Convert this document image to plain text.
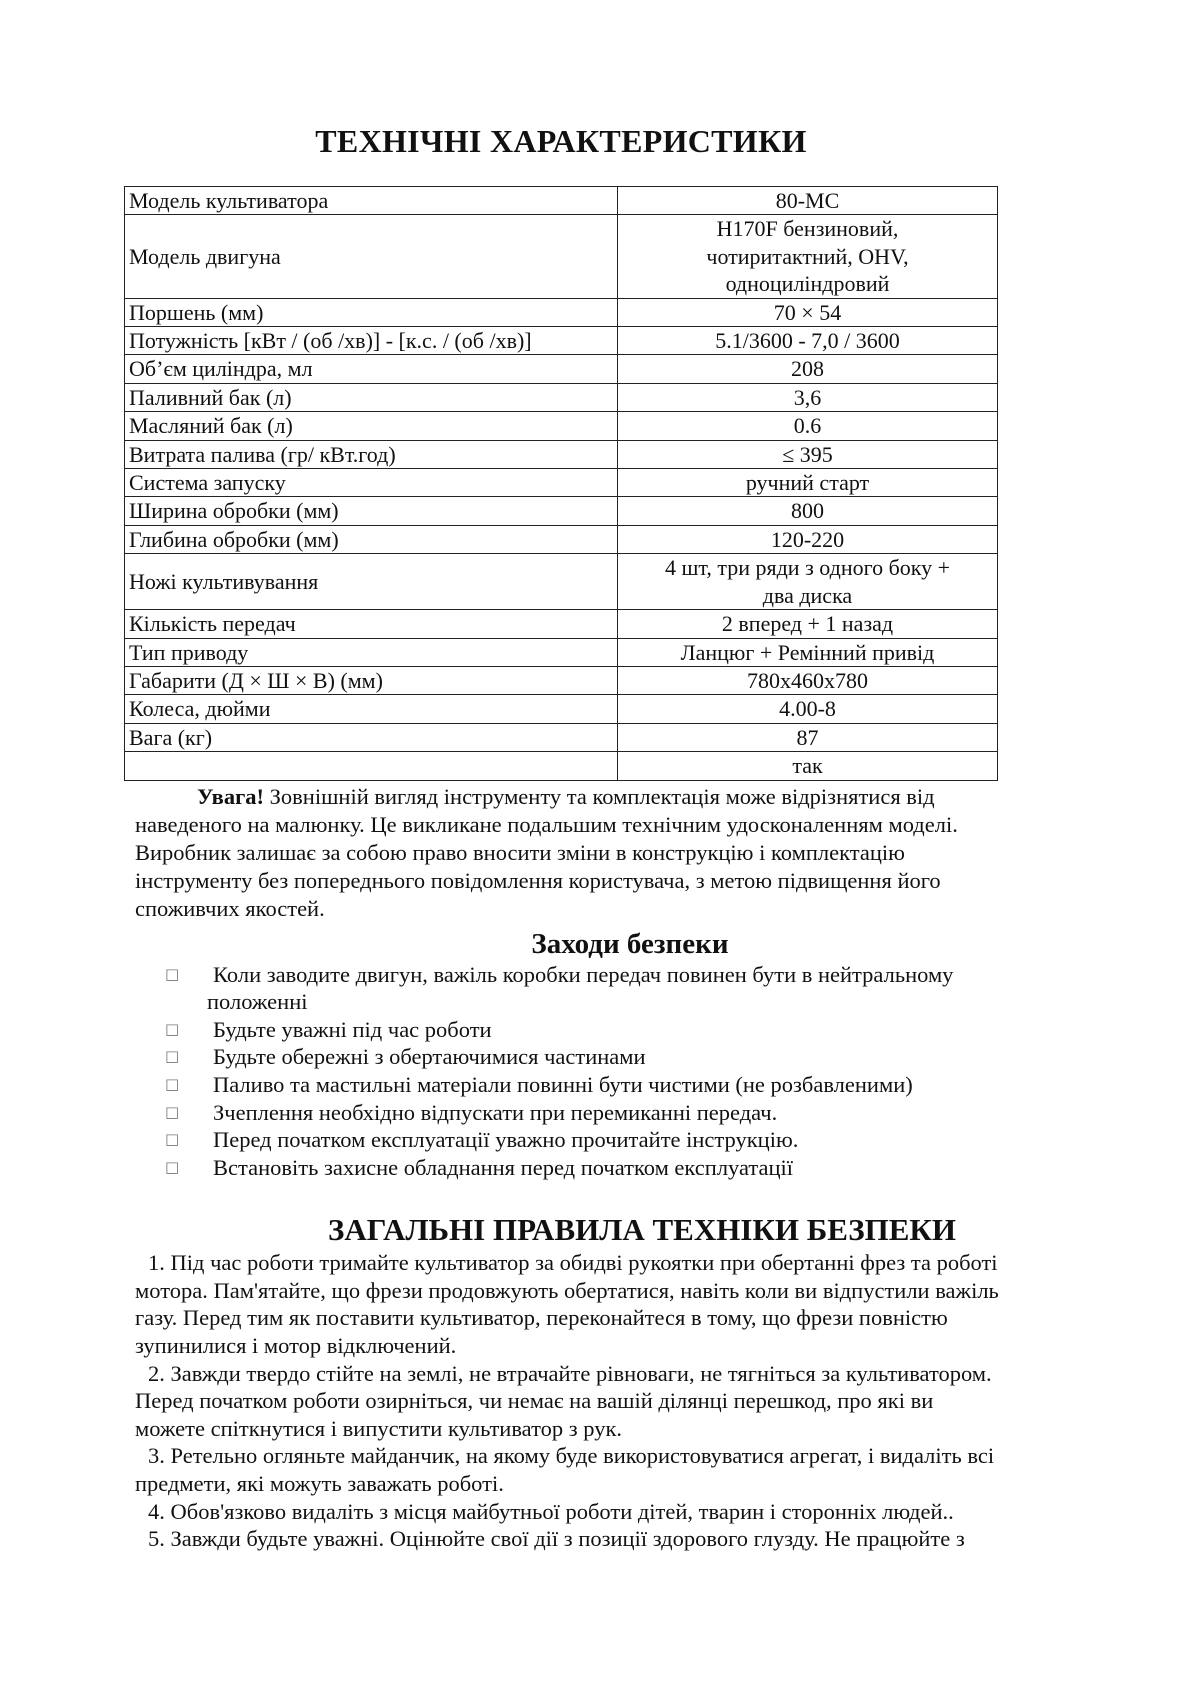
ТЕХНІЧНІ ХАРАКТЕРИСТИКИ
Модель культиватора	80-МС

Модель двигуна	H170F бензиновий,
чотиритактний, OHV,
одноциліндровий

Поршень (мм)	70 × 54

Потужність [кВт / (об /хв)] - [к.с. / (об /хв)]	5.1/3600 - 7,0 / 3600

Об’єм циліндра, мл	208

Паливний бак (л)	3,6

Масляний бак (л)	0.6

Витрата палива (гр/ кВт.год)	≤ 395

Система запуску	ручний старт

Ширина обробки (мм)	800

Глибина обробки (мм)	120-220

Ножі культивування	4 шт, три ряди з одного боку +
два диска

Кількість передач	2 вперед + 1 назад

Тип приводу	Ланцюг + Ремінний привід

Габарити (Д × Ш × В) (мм)	780x460x780

Колеса, дюйми	4.00-8

Вага (кг)	87

	так
Увага! Зовнішній вигляд інструменту та комплектація може відрізнятися від
наведеного на малюнку. Це викликане подальшим технічним удосконаленням моделі.
Виробник залишає за собою право вносити зміни в конструкцію і комплектацію
інструменту без попереднього повідомлення користувача, з метою підвищення його
споживчих якостей.
Заходи безпеки
□ Коли заводите двигун, важіль коробки передач повинен бути в нейтральному
положенні
□ Будьте уважні під час роботи
□ Будьте обережні з обертаючимися частинами
□ Паливо та мастильні матеріали повинні бути чистими (не розбавленими)
□ Зчеплення необхідно відпускати при перемиканні передач.
□ Перед початком експлуатації уважно прочитайте інструкцію.
□ Встановіть захисне обладнання перед початком експлуатації
ЗАГАЛЬНІ ПРАВИЛА ТЕХНІКИ БЕЗПЕКИ
1. Під час роботи тримайте культиватор за обидві рукоятки при обертанні фрез та роботі
мотора. Пам'ятайте, що фрези продовжують обертатися, навіть коли ви відпустили важіль
газу. Перед тим як поставити культиватор, переконайтеся в тому, що фрези повністю
зупинилися і мотор відключений.
2. Завжди твердо стійте на землі, не втрачайте рівноваги, не тягніться за культиватором.
Перед початком роботи озирніться, чи немає на вашій ділянці перешкод, про які ви
можете спіткнутися і випустити культиватор з рук.
3. Ретельно огляньте майданчик, на якому буде використовуватися агрегат, і видаліть всі
предмети, які можуть заважать роботі.
4. Обов'язково видаліть з місця майбутньої роботи дітей, тварин і сторонніх людей..
5. Завжди будьте уважні. Оцінюйте свої дії з позиції здорового глузду. Не працюйте з
